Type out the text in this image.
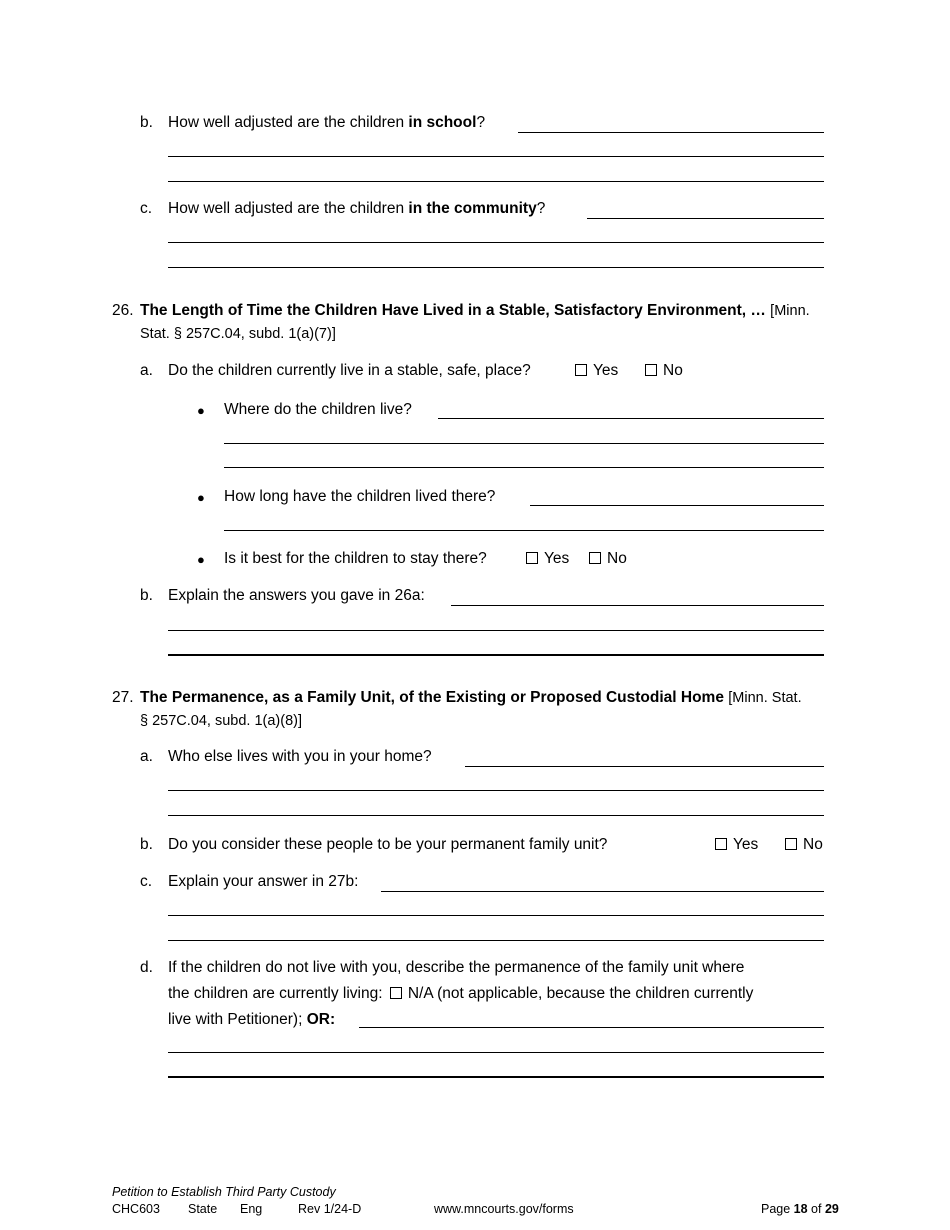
b. How well adjusted are the children in school?
c. How well adjusted are the children in the community?
26. The Length of Time the Children Have Lived in a Stable, Satisfactory Environment, … [Minn.
Stat. § 257C.04, subd. 1(a)(7)]
a. Do the children currently live in a stable, safe, place?	Yes	No
● Where do the children live?
● How long have the children lived there?
● Is it best for the children to stay there?	Yes	No
b. Explain the answers you gave in 26a:
27. The Permanence, as a Family Unit, of the Existing or Proposed Custodial Home [Minn. Stat.
§ 257C.04, subd. 1(a)(8)]
a. Who else lives with you in your home?
b. Do you consider these people to be your permanent family unit?	Yes	No
c. Explain your answer in 27b:
d. If the children do not live with you, describe the permanence of the family unit where
the children are currently living: N/A (not applicable, because the children currently
live with Petitioner); OR:
Petition to Establish Third Party Custody
CHC603 State Eng	Rev 1/24-D	www.mncourts.gov/forms	Page 18 of 29
